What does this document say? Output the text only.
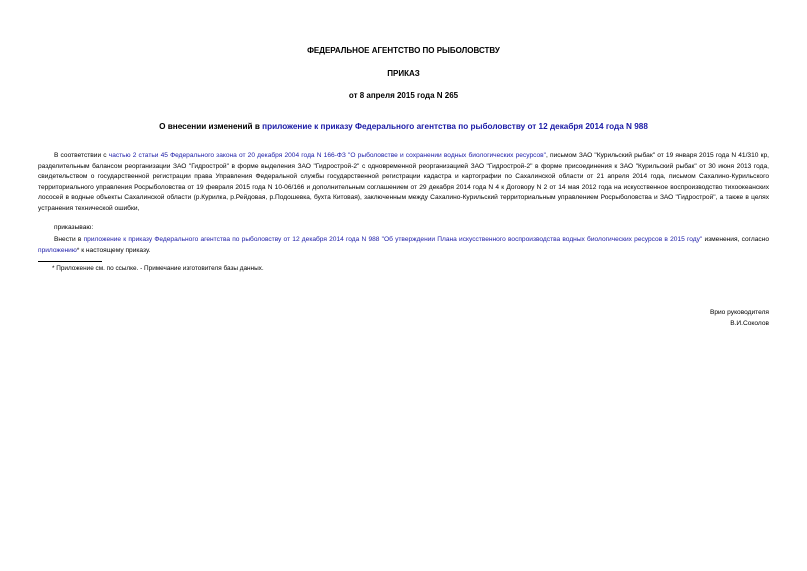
ФЕДЕРАЛЬНОЕ АГЕНТСТВО ПО РЫБОЛОВСТВУ
ПРИКАЗ
от 8 апреля 2015 года N 265
О внесении изменений в приложение к приказу Федерального агентства по рыболовству от 12 декабря 2014 года N 988
В соответствии с частью 2 статьи 45 Федерального закона от 20 декабря 2004 года N 166-ФЗ "О рыболовстве и сохранении водных биологических ресурсов", письмом ЗАО "Курильский рыбак" от 19 января 2015 года N 41/310 кр, разделительным балансом реорганизации ЗАО "Гидрострой" в форме выделения ЗАО "Гидрострой-2" с одновременной реорганизацией ЗАО "Гидрострой-2" в форме присоединения к ЗАО "Курильский рыбак" от 30 июня 2013 года, свидетельством о государственной регистрации права Управления Федеральной службы государственной регистрации кадастра и картографии по Сахалинской области от 21 апреля 2014 года, письмом Сахалино-Курильского территориального управления Росрыболовства от 19 февраля 2015 года N 10-06/166 и дополнительным соглашением от 29 декабря 2014 года N 4 к Договору N 2 от 14 мая 2012 года на искусственное воспроизводство тихоокеанских лососей в водные объекты Сахалинской области (р.Курилка, р.Рейдовая, р.Подошевка, бухта Китовая), заключенным между Сахалино-Курильский территориальным управлением Росрыболовства и ЗАО "Гидрострой", а также в целях устранения технической ошибки,
приказываю:
Внести в приложение к приказу Федерального агентства по рыболовству от 12 декабря 2014 года N 988 "Об утверждении Плана искусственного воспроизводства водных биологических ресурсов в 2015 году" изменения, согласно приложению* к настоящему приказу.
* Приложение см. по ссылке. - Примечание изготовителя базы данных.
Врио руководителя
В.И.Соколов
